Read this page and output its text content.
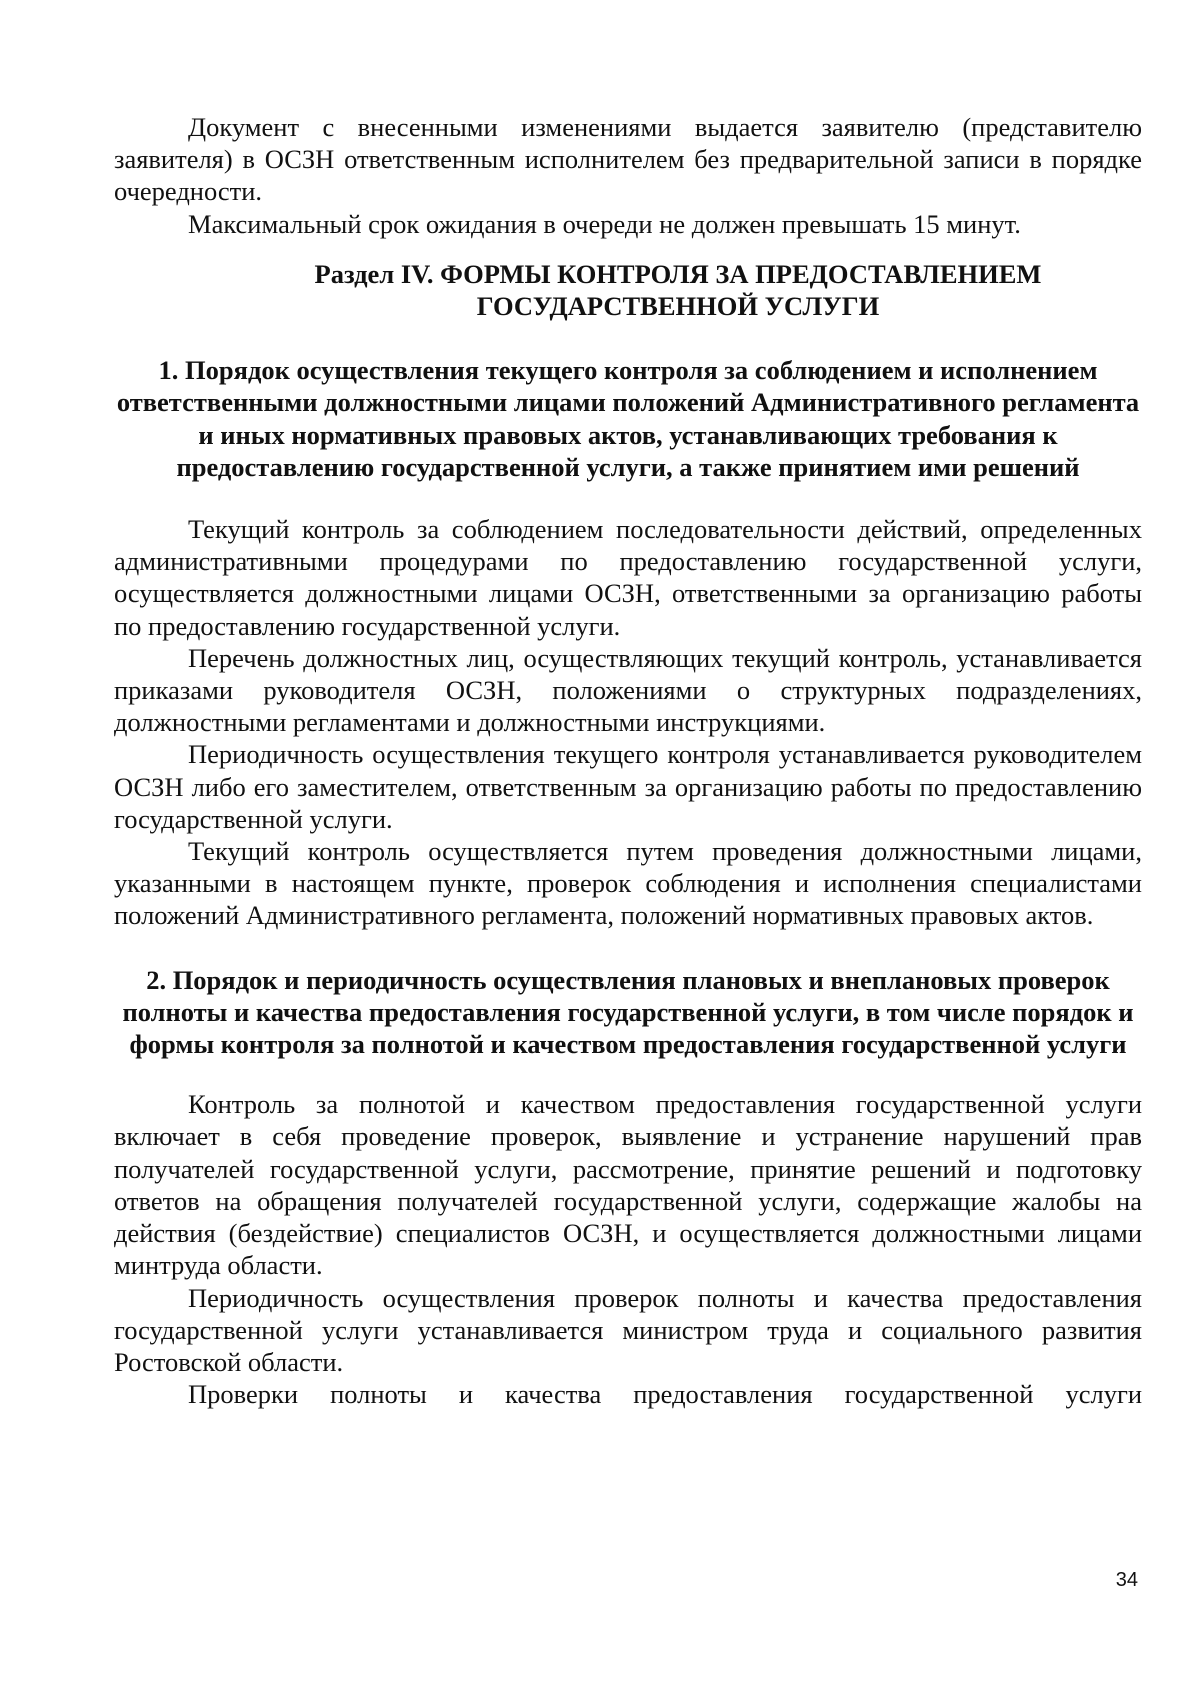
Документ с внесенными изменениями выдается заявителю (представителю заявителя) в ОСЗН ответственным исполнителем без предварительной записи в порядке очередности.

Максимальный срок ожидания в очереди не должен превышать 15 минут.

Раздел IV. ФОРМЫ КОНТРОЛЯ ЗА ПРЕДОСТАВЛЕНИЕМ ГОСУДАРСТВЕННОЙ УСЛУГИ
1. Порядок осуществления текущего контроля за соблюдением и исполнением ответственными должностными лицами положений Административного регламента и иных нормативных правовых актов, устанавливающих требования к предоставлению государственной услуги, а также принятием ими решений

Текущий контроль за соблюдением последовательности действий, определенных административными процедурами по предоставлению государственной услуги, осуществляется должностными лицами ОСЗН, ответственными за организацию работы по предоставлению государственной услуги.

Перечень должностных лиц, осуществляющих текущий контроль, устанавливается приказами руководителя ОСЗН, положениями о структурных подразделениях, должностными регламентами и должностными инструкциями.

Периодичность осуществления текущего контроля устанавливается руководителем ОСЗН либо его заместителем, ответственным за организацию работы по предоставлению государственной услуги.

Текущий контроль осуществляется путем проведения должностными лицами, указанными в настоящем пункте, проверок соблюдения и исполнения специалистами положений Административного регламента, положений нормативных правовых актов.

2. Порядок и периодичность осуществления плановых и внеплановых проверок полноты и качества предоставления государственной услуги, в том числе порядок и формы контроля за полнотой и качеством предоставления государственной услуги

Контроль за полнотой и качеством предоставления государственной услуги включает в себя проведение проверок, выявление и устранение нарушений прав получателей государственной услуги, рассмотрение, принятие решений и подготовку ответов на обращения получателей государственной услуги, содержащие жалобы на действия (бездействие) специалистов ОСЗН, и осуществляется должностными лицами минтруда области.

Периодичность осуществления проверок полноты и качества предоставления государственной услуги устанавливается министром труда и социального развития Ростовской области.

Проверки полноты и качества предоставления государственной услуги

34
